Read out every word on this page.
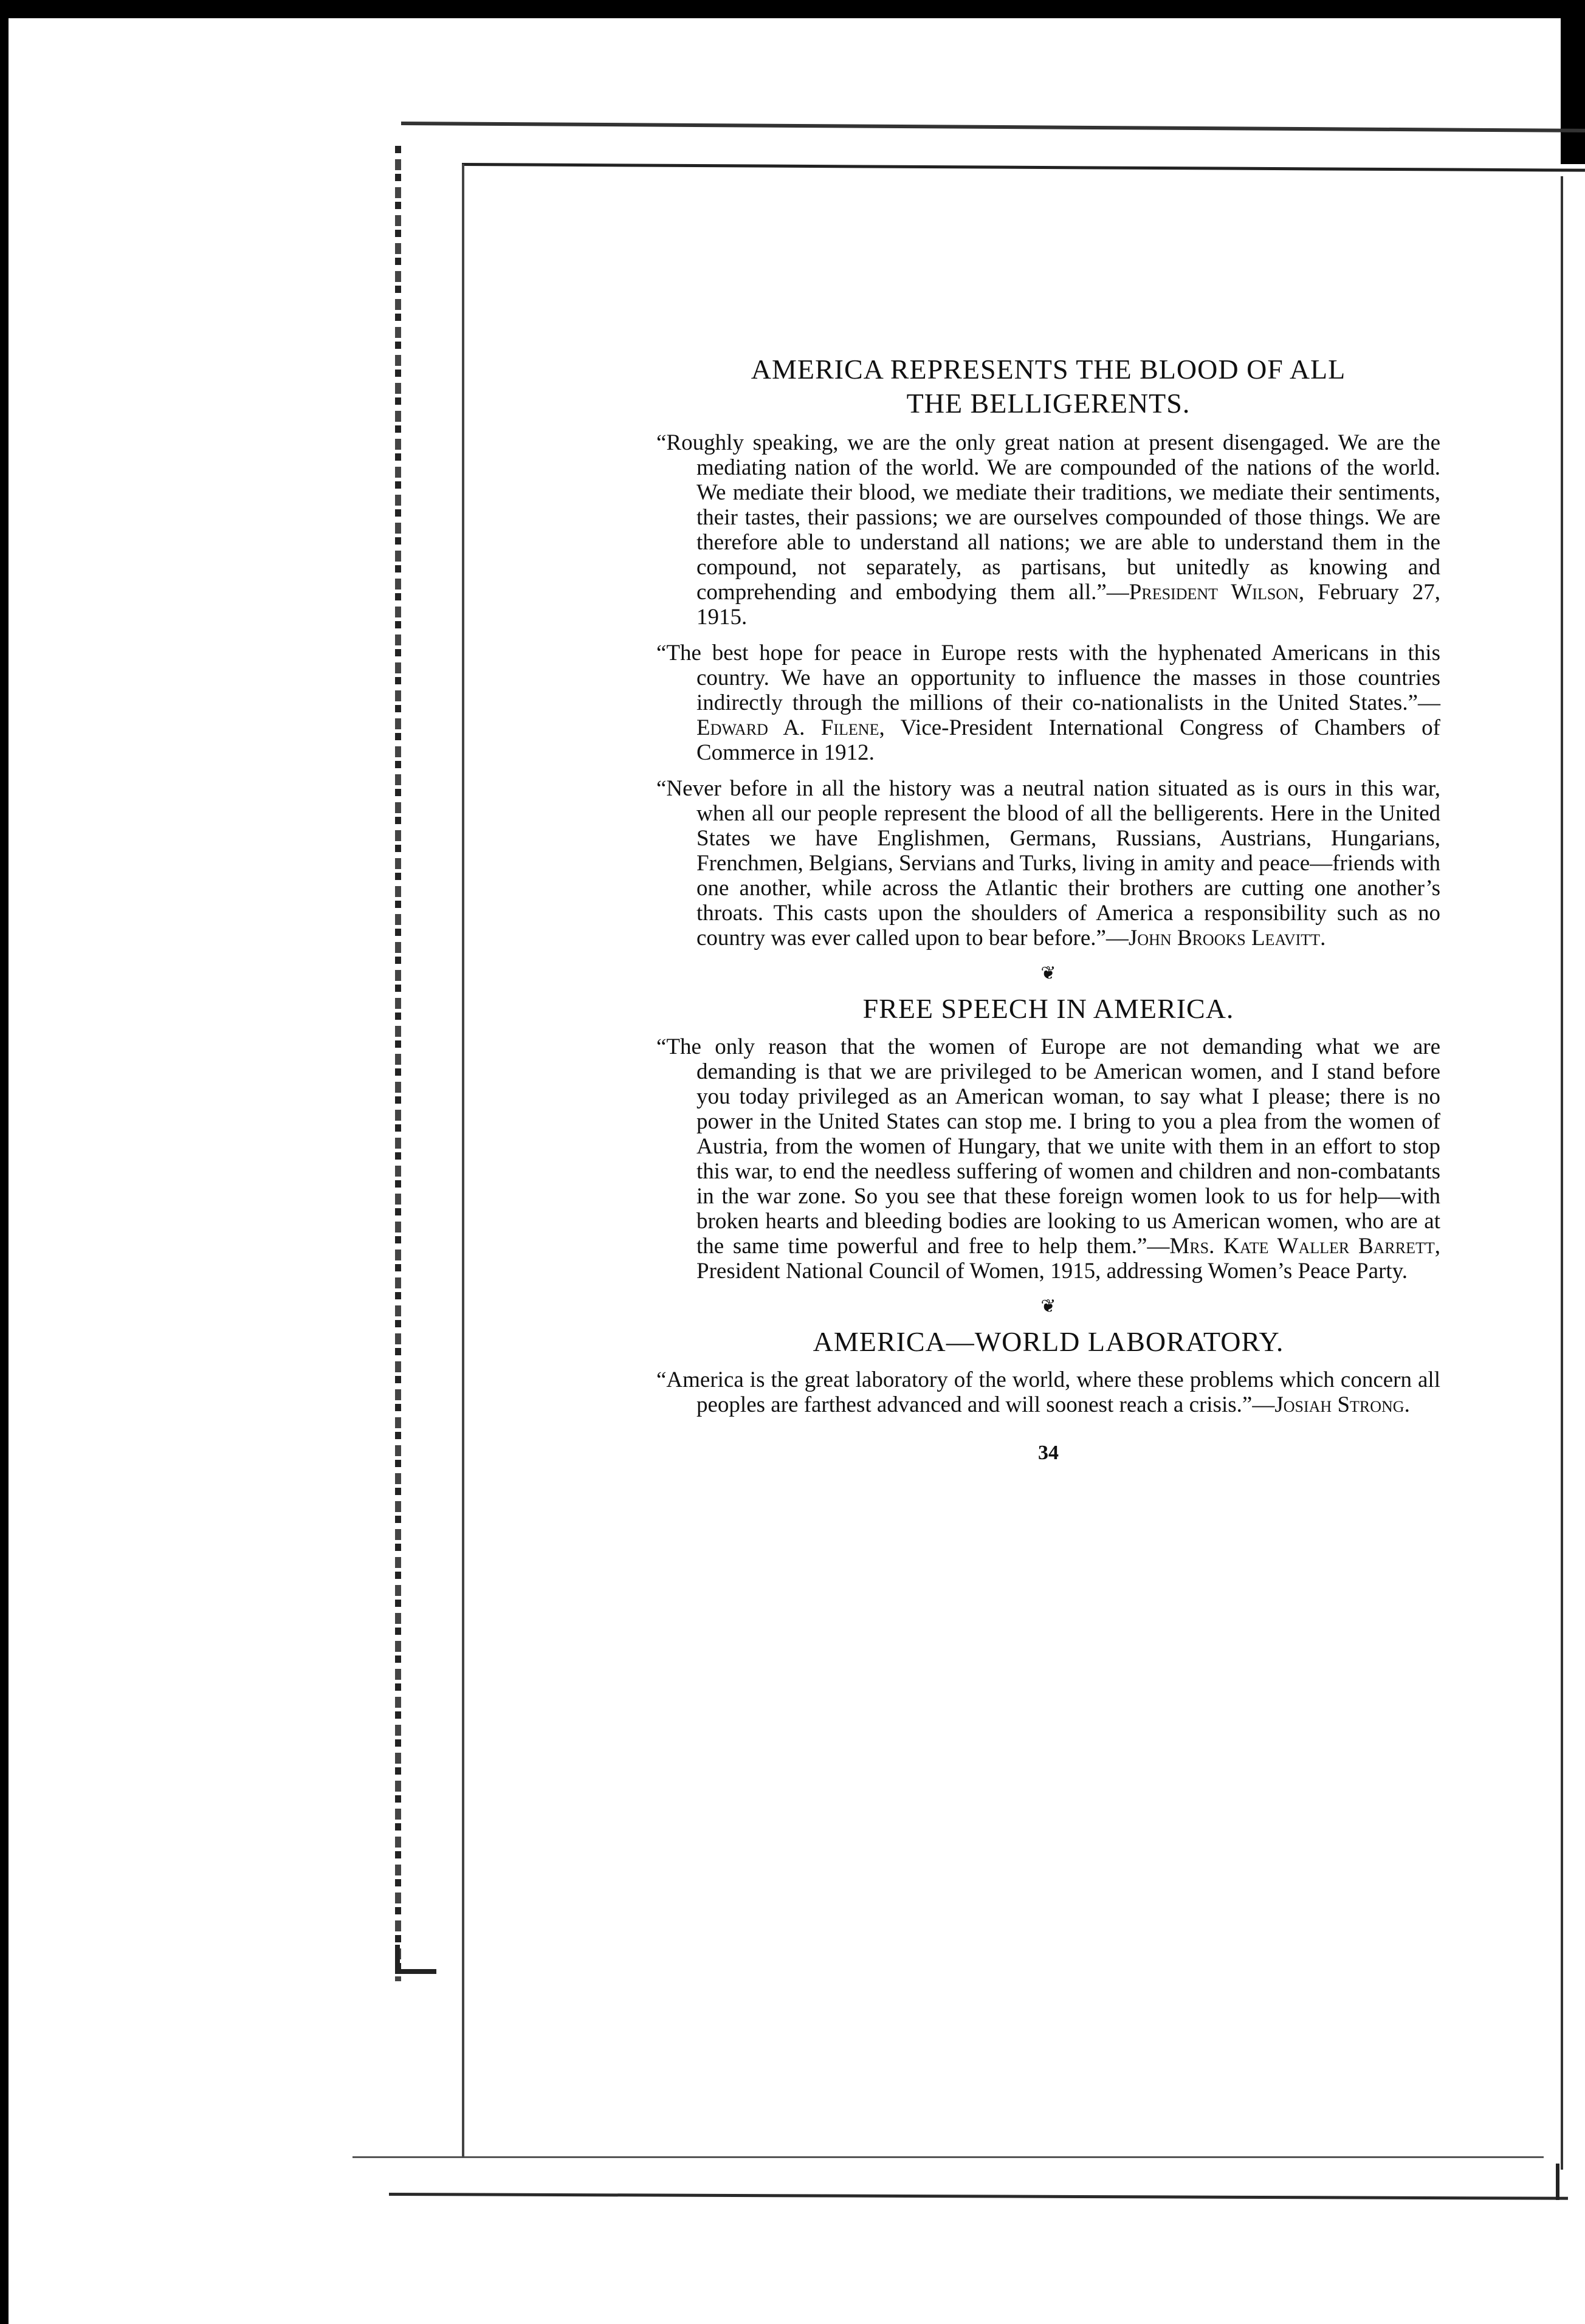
AMERICA REPRESENTS THE BLOOD OF ALL
THE BELLIGERENTS.

“Roughly speaking, we are the only great nation at present disengaged. We are the mediating nation of the world. We are compounded of the nations of the world. We mediate their blood, we mediate their traditions, we mediate their sentiments, their tastes, their passions; we are ourselves compounded of those things. We are therefore able to understand all nations; we are able to understand them in the compound, not separately, as partisans, but unitedly as knowing and comprehending and embodying them all.”—President Wilson, February 27, 1915.

“The best hope for peace in Europe rests with the hyphenated Americans in this country. We have an opportunity to influence the masses in those countries indirectly through the millions of their co-nationalists in the United States.”—Edward A. Filene, Vice-President International Congress of Chambers of Commerce in 1912.

“Never before in all the history was a neutral nation situated as is ours in this war, when all our people represent the blood of all the belligerents. Here in the United States we have Englishmen, Germans, Russians, Austrians, Hungarians, Frenchmen, Belgians, Servians and Turks, living in amity and peace—friends with one another, while across the Atlantic their brothers are cutting one another’s throats. This casts upon the shoulders of America a responsibility such as no country was ever called upon to bear before.”—John Brooks Leavitt.

❦
FREE SPEECH IN AMERICA.

“The only reason that the women of Europe are not demanding what we are demanding is that we are privileged to be American women, and I stand before you today privileged as an American woman, to say what I please; there is no power in the United States can stop me. I bring to you a plea from the women of Austria, from the women of Hungary, that we unite with them in an effort to stop this war, to end the needless suffering of women and children and non-combatants in the war zone. So you see that these foreign women look to us for help—with broken hearts and bleeding bodies are looking to us American women, who are at the same time powerful and free to help them.”—Mrs. Kate Waller Barrett, President National Council of Women, 1915, addressing Women’s Peace Party.

❦
AMERICA—WORLD LABORATORY.

“America is the great laboratory of the world, where these problems which concern all peoples are farthest advanced and will soonest reach a crisis.”—Josiah Strong.

34
